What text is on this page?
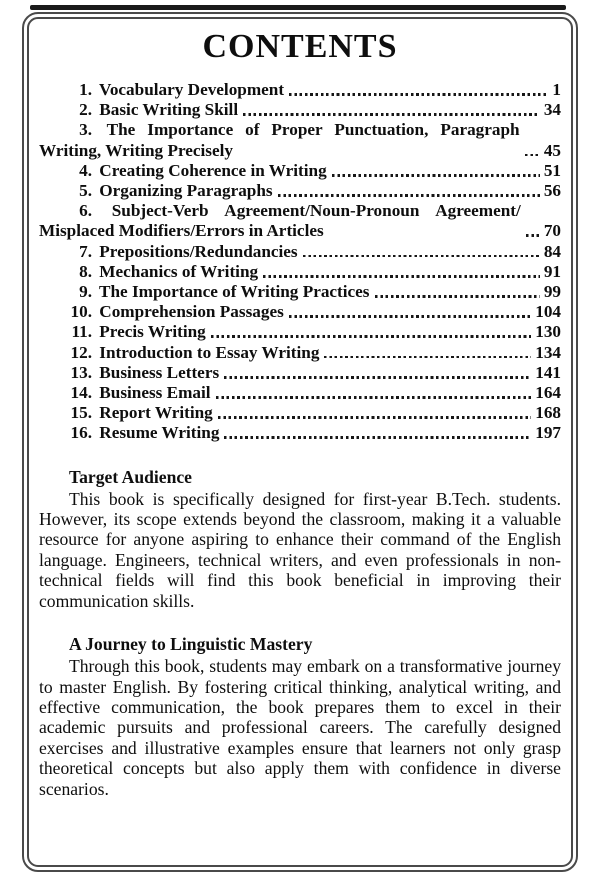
CONTENTS
1. Vocabulary Development	1
2. Basic Writing Skill	34
3. The Importance of Proper Punctuation, Paragraph Writing, Writing Precisely	45
4. Creating Coherence in Writing	51
5. Organizing Paragraphs	56
6. Subject-Verb Agreement/​Noun-Pronoun Agreement/​Misplaced Modifiers/​Errors in Articles	70
7. Prepositions/​Redundancies	84
8. Mechanics of Writing	91
9. The Importance of Writing Practices	99
10. Comprehension Passages	104
11. Precis Writing	130
12. Introduction to Essay Writing	134
13. Business Letters	141
14. Business Email	164
15. Report Writing	168
16. Resume Writing	197
Target Audience

This book is specifically designed for first-year B.Tech. students. However, its scope extends beyond the classroom, making it a valuable resource for anyone aspiring to enhance their command of the English language. Engineers, technical writers, and even professionals in non-technical fields will find this book beneficial in improving their communication skills.

A Journey to Linguistic Mastery

Through this book, students may embark on a transformative journey to master English. By fostering critical thinking, analytical writing, and effective communication, the book prepares them to excel in their academic pursuits and professional careers. The carefully designed exercises and illustrative examples ensure that learners not only grasp theoretical concepts but also apply them with confidence in diverse scenarios.
